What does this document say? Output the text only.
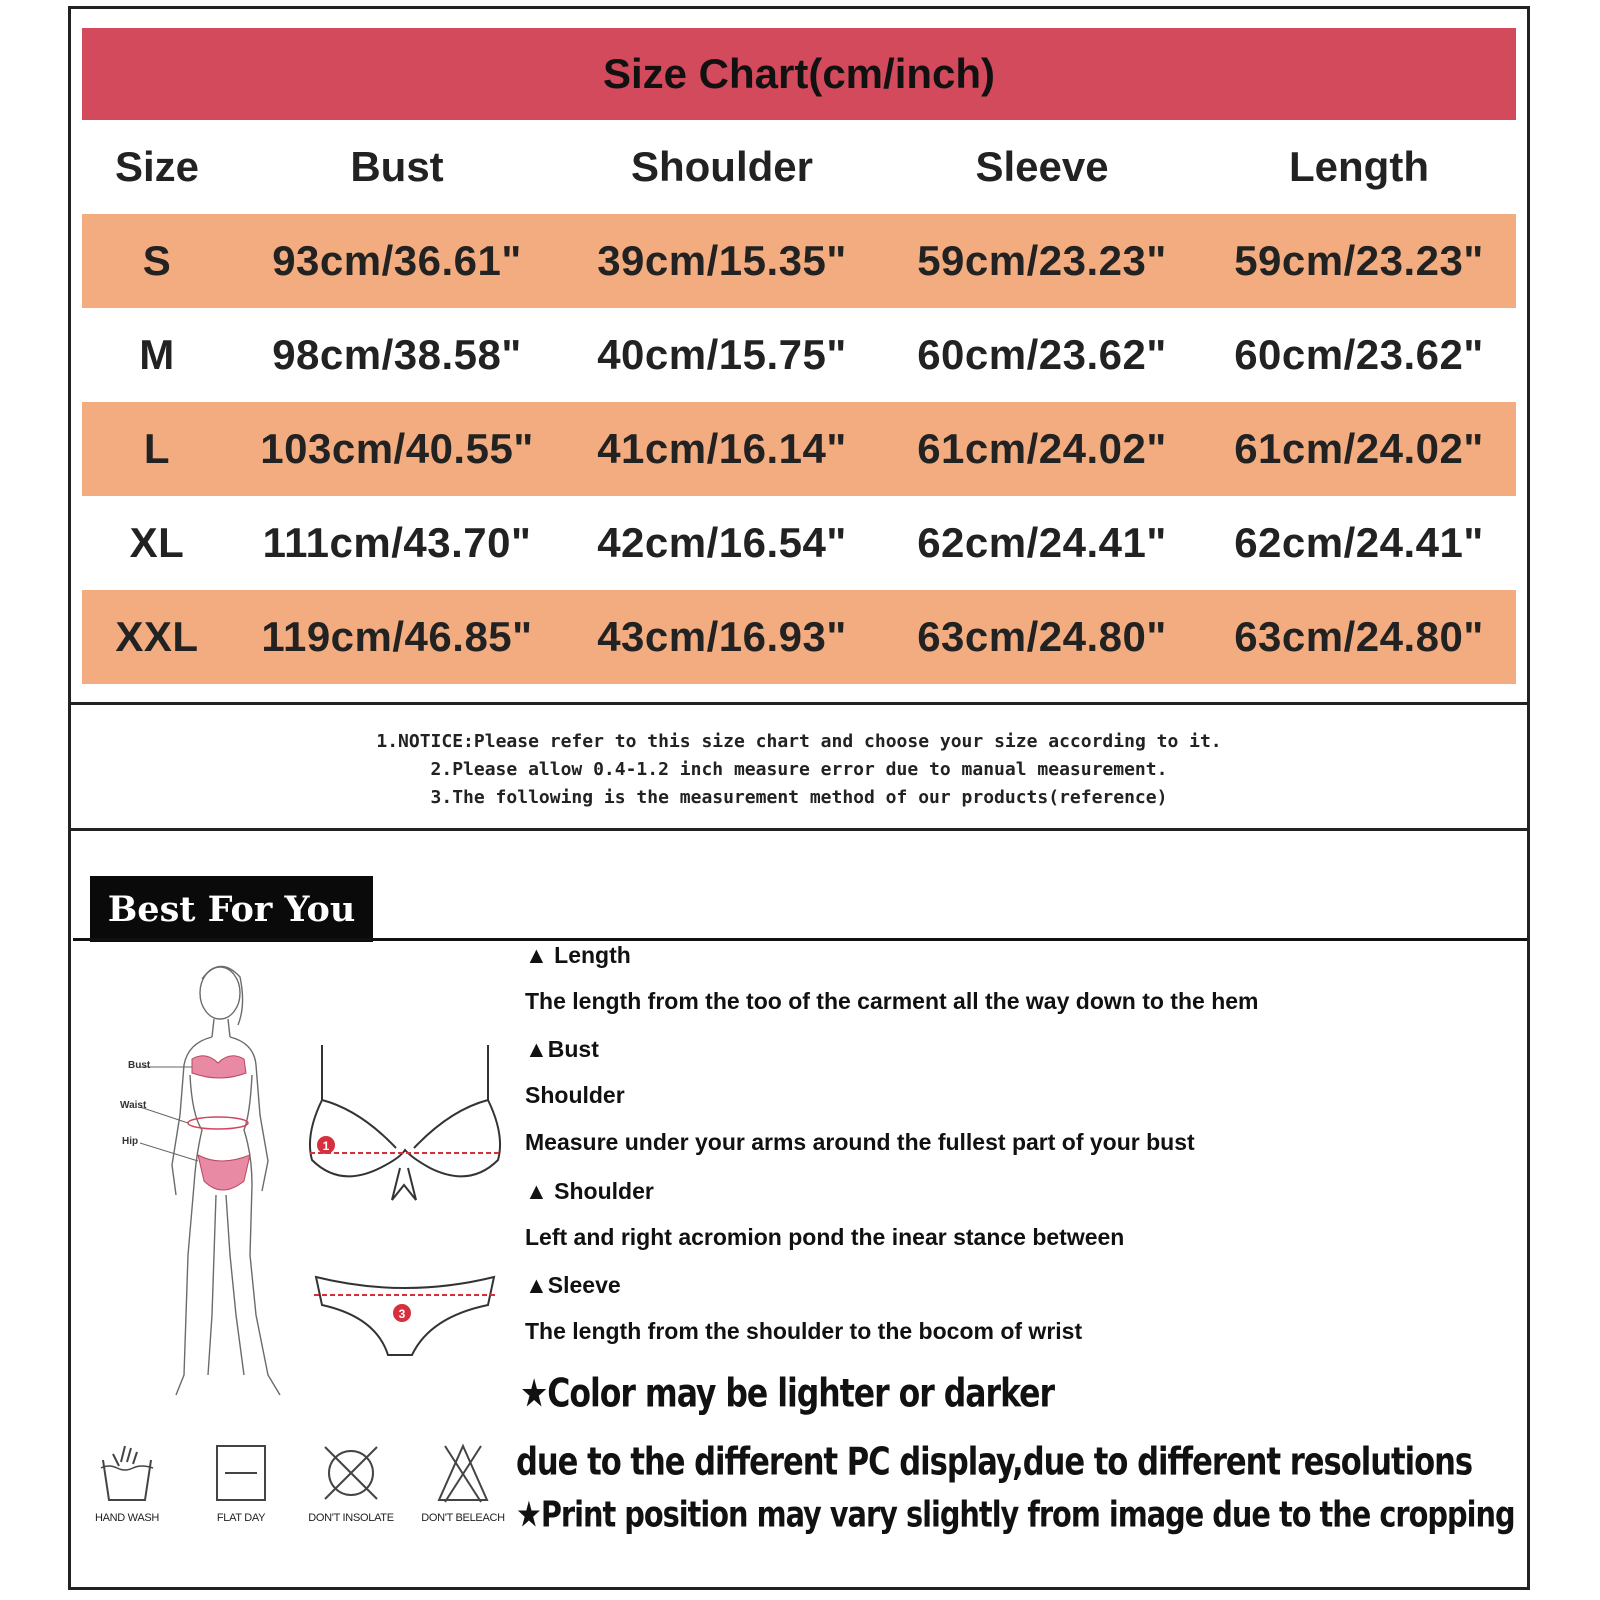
Size Chart(cm/inch)
Size	Bust	Shoulder	Sleeve	Length
S	93cm/36.61"	39cm/15.35"	59cm/23.23"	59cm/23.23"
M	98cm/38.58"	40cm/15.75"	60cm/23.62"	60cm/23.62"
L	103cm/40.55"	41cm/16.14"	61cm/24.02"	61cm/24.02"
XL	111cm/43.70"	42cm/16.54"	62cm/24.41"	62cm/24.41"
XXL	119cm/46.85"	43cm/16.93"	63cm/24.80"	63cm/24.80"
1.NOTICE:Please refer to this size chart and choose your size according to it.
2.Please allow 0.4-1.2 inch measure error due to manual measurement.
3.The following is the measurement method of our products(reference)
Best For You
Bust
Waist
Hip	1
3
▲ Length
The length from the too of the carment all the way down to the hem
▲Bust
Shoulder
Measure under your arms around the fullest part of your bust
▲ Shoulder
Left and right acromion pond the inear stance between
▲Sleeve
The length from the shoulder to the bocom of wrist
★Color may be lighter or darker
due to the different PC display,due to different resolutions
★Print position may vary slightly from image due to the cropping
HAND WASH	FLAT DAY	DON'T INSOLATE DON'T BELEACH
